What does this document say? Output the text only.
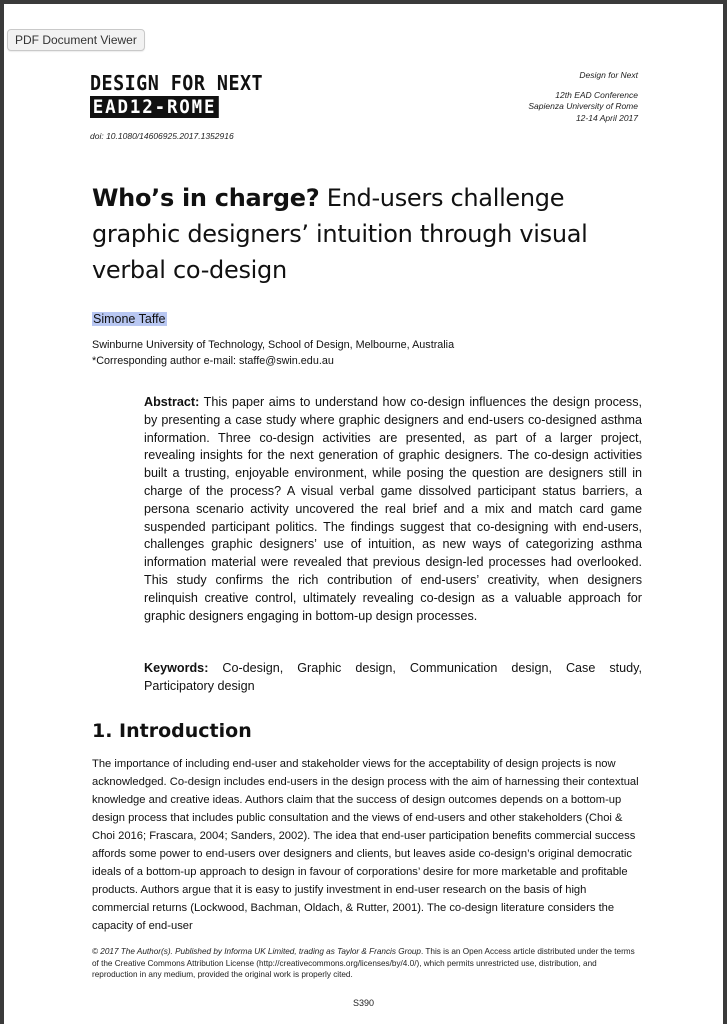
DESIGN FOR NEXT
EAD12-ROME
doi: 10.1080/14606925.2017.1352916
Design for Next
12th EAD Conference
Sapienza University of Rome
12-14 April 2017
Who’s in charge? End-users challenge graphic designers’ intuition through visual verbal co-design
Simone Taffe
Swinburne University of Technology, School of Design, Melbourne, Australia
*Corresponding author e-mail: staffe@swin.edu.au
Abstract: This paper aims to understand how co-design influences the design process, by presenting a case study where graphic designers and end-users co-designed asthma information. Three co-design activities are presented, as part of a larger project, revealing insights for the next generation of graphic designers. The co-design activities built a trusting, enjoyable environment, while posing the question are designers still in charge of the process? A visual verbal game dissolved participant status barriers, a persona scenario activity uncovered the real brief and a mix and match card game suspended participant politics. The findings suggest that co-designing with end-users, challenges graphic designers’ use of intuition, as new ways of categorizing asthma information material were revealed that previous design-led processes had overlooked. This study confirms the rich contribution of end-users’ creativity, when designers relinquish creative control, ultimately revealing co-design as a valuable approach for graphic designers engaging in bottom-up design processes.
Keywords: Co-design, Graphic design, Communication design, Case study, Participatory design
1. Introduction
The importance of including end-user and stakeholder views for the acceptability of design projects is now acknowledged. Co-design includes end-users in the design process with the aim of harnessing their contextual knowledge and creative ideas. Authors claim that the success of design outcomes depends on a bottom-up design process that includes public consultation and the views of end-users and other stakeholders (Choi & Choi 2016; Frascara, 2004; Sanders, 2002). The idea that end-user participation benefits commercial success affords some power to end-users over designers and clients, but leaves aside co-design’s original democratic ideals of a bottom-up approach to design in favour of corporations’ desire for more marketable and profitable products. Authors argue that it is easy to justify investment in end-user research on the basis of high commercial returns (Lockwood, Bachman, Oldach, & Rutter, 2001). The co-design literature considers the capacity of end-user
© 2017 The Author(s). Published by Informa UK Limited, trading as Taylor & Francis Group. This is an Open Access article distributed under the terms of the Creative Commons Attribution License (http://creativecommons.org/licenses/by/4.0/), which permits unrestricted use, distribution, and reproduction in any medium, provided the original work is properly cited.
S390
PDF Document Viewer
